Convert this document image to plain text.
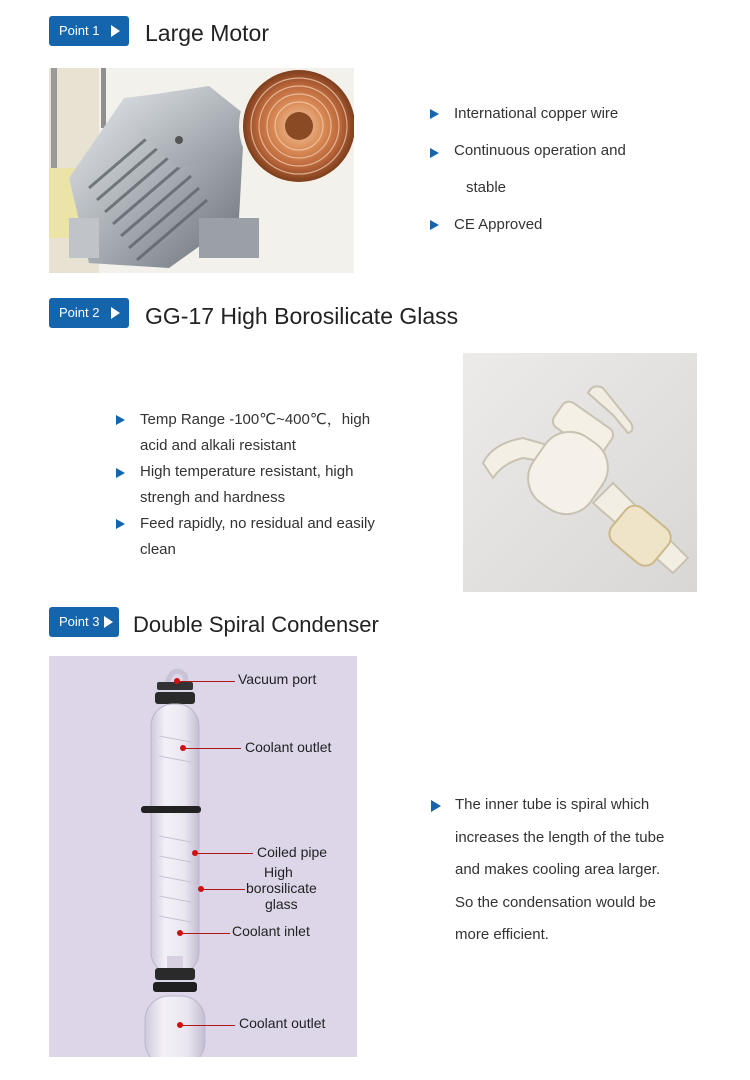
Point 1	Large Motor
International copper wire
Continuous operation and
stable
CE Approved
Point 2	GG-17 High Borosilicate Glass
Temp Range -100℃~400℃，high
acid and alkali resistant
High temperature resistant, high
strengh and hardness
Feed rapidly, no residual and easily
clean
Point 3	Double Spiral Condenser
Vacuum port
Coolant outlet
Coiled pipe
High
borosilicate
glass
Coolant inlet
Coolant outlet
The inner tube is spiral which
increases the length of the tube
and makes cooling area larger.
So the condensation would be
more efficient.
